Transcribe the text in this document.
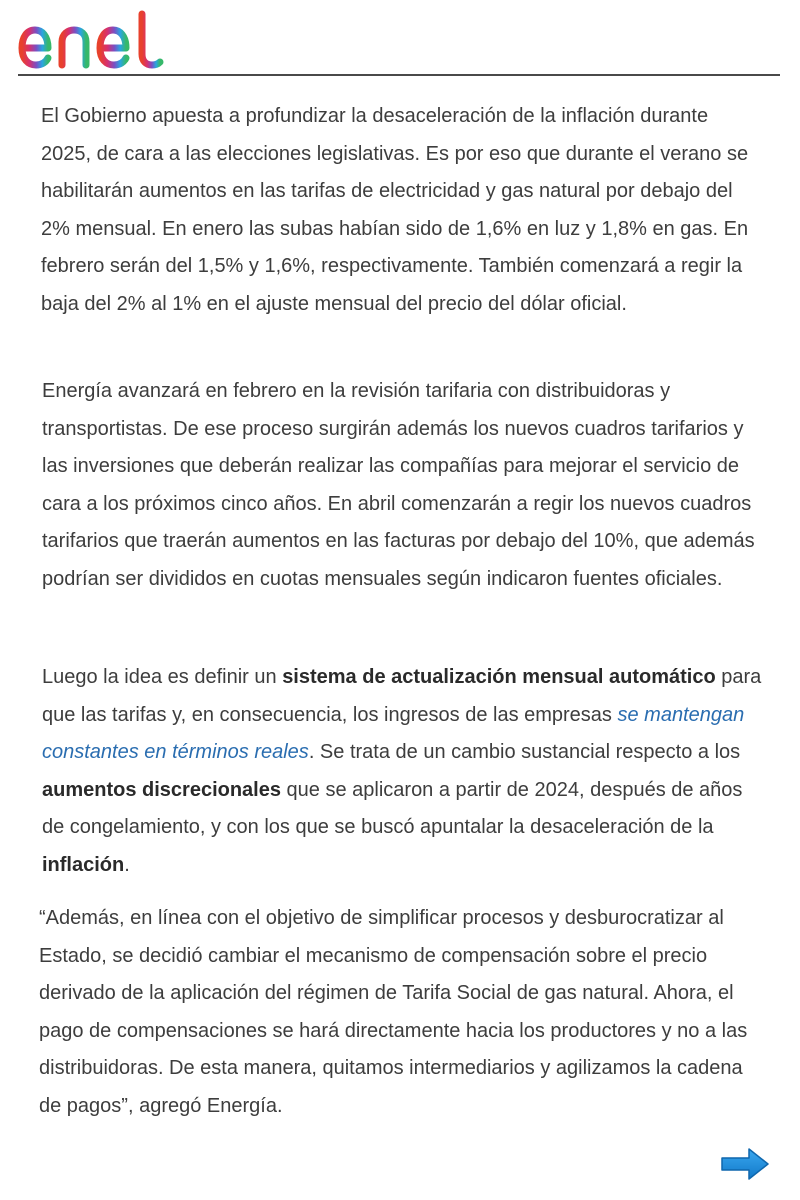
El Gobierno apuesta a profundizar la desaceleración de la inflación durante 2025, de cara a las elecciones legislativas. Es por eso que durante el verano se habilitarán aumentos en las tarifas de electricidad y gas natural por debajo del 2% mensual. En enero las subas habían sido de 1,6% en luz y 1,8% en gas. En febrero serán del 1,5% y 1,6%, respectivamente. También comenzará a regir la baja del 2% al 1% en el ajuste mensual del precio del dólar oficial.

Energía avanzará en febrero en la revisión tarifaria con distribuidoras y transportistas. De ese proceso surgirán además los nuevos cuadros tarifarios y las inversiones que deberán realizar las compañías para mejorar el servicio de cara a los próximos cinco años. En abril comenzarán a regir los nuevos cuadros tarifarios que traerán aumentos en las facturas por debajo del 10%, que además podrían ser divididos en cuotas mensuales según indicaron fuentes oficiales.

Luego la idea es definir un sistema de actualización mensual automático para que las tarifas y, en consecuencia, los ingresos de las empresas se mantengan constantes en términos reales. Se trata de un cambio sustancial respecto a los aumentos discrecionales que se aplicaron a partir de 2024, después de años de congelamiento, y con los que se buscó apuntalar la desaceleración de la inflación.

“Además, en línea con el objetivo de simplificar procesos y desburocratizar al Estado, se decidió cambiar el mecanismo de compensación sobre el precio derivado de la aplicación del régimen de Tarifa Social de gas natural. Ahora, el pago de compensaciones se hará directamente hacia los productores y no a las distribuidoras. De esta manera, quitamos intermediarios y agilizamos la cadena de pagos”, agregó Energía.
